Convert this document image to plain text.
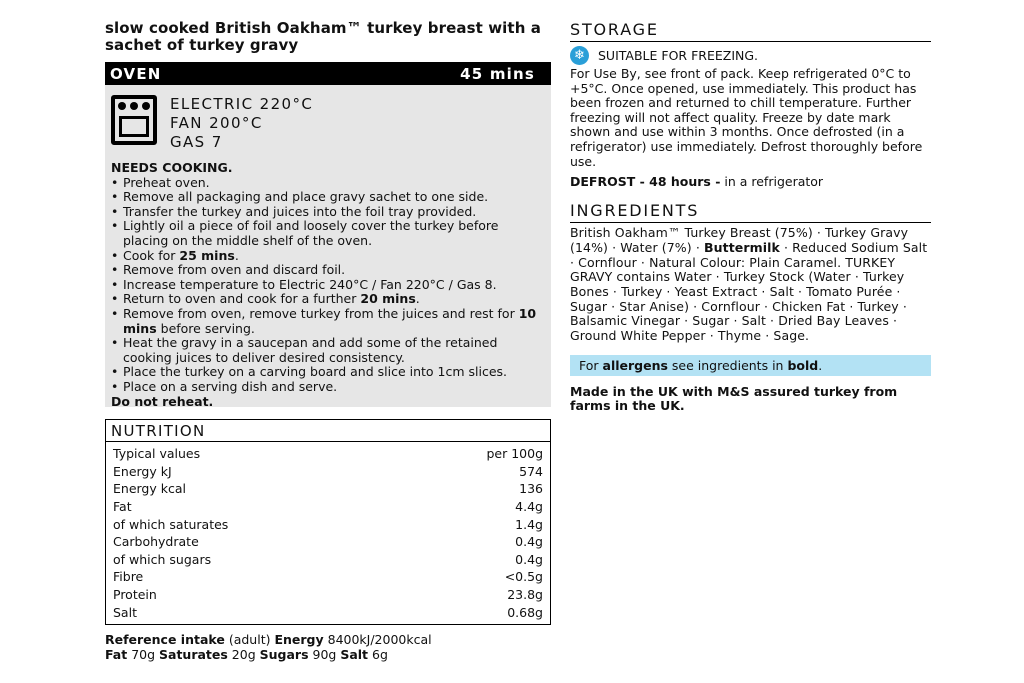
slow cooked British Oakham™ turkey breast with a sachet of turkey gravy
OVEN	45 mins
ELECTRIC 220°C
FAN 200°C
GAS 7
NEEDS COOKING.
• Preheat oven.
• Remove all packaging and place gravy sachet to one side.
• Transfer the turkey and juices into the foil tray provided.
• Lightly oil a piece of foil and loosely cover the turkey before placing on the middle shelf of the oven.
• Cook for 25 mins.
• Remove from oven and discard foil.
• Increase temperature to Electric 240°C / Fan 220°C / Gas 8.
• Return to oven and cook for a further 20 mins.
• Remove from oven, remove turkey from the juices and rest for 10 mins before serving.
• Heat the gravy in a saucepan and add some of the retained cooking juices to deliver desired consistency.
• Place the turkey on a carving board and slice into 1cm slices.
• Place on a serving dish and serve.
Do not reheat.
NUTRITION
Typical values	per 100g
Energy kJ	574
Energy kcal	136
Fat	4.4g
of which saturates	1.4g
Carbohydrate	0.4g
of which sugars	0.4g
Fibre	<0.5g
Protein	23.8g
Salt	0.68g
Reference intake (adult) Energy 8400kJ/2000kcal
Fat 70g Saturates 20g Sugars 90g Salt 6g
STORAGE
❄	SUITABLE FOR FREEZING.
For Use By, see front of pack. Keep refrigerated 0°C to +5°C. Once opened, use immediately. This product has been frozen and returned to chill temperature. Further freezing will not affect quality. Freeze by date mark shown and use within 3 months. Once defrosted (in a refrigerator) use immediately. Defrost thoroughly before use.
DEFROST - 48 hours - in a refrigerator
INGREDIENTS
British Oakham™ Turkey Breast (75%) · Turkey Gravy (14%) · Water (7%) · Buttermilk · Reduced Sodium Salt · Cornflour · Natural Colour: Plain Caramel. TURKEY GRAVY contains Water · Turkey Stock (Water · Turkey Bones · Turkey · Yeast Extract · Salt · Tomato Purée · Sugar · Star Anise) · Cornflour · Chicken Fat · Turkey · Balsamic Vinegar · Sugar · Salt · Dried Bay Leaves · Ground White Pepper · Thyme · Sage.
For allergens see ingredients in bold.
Made in the UK with M&S assured turkey from farms in the UK.
